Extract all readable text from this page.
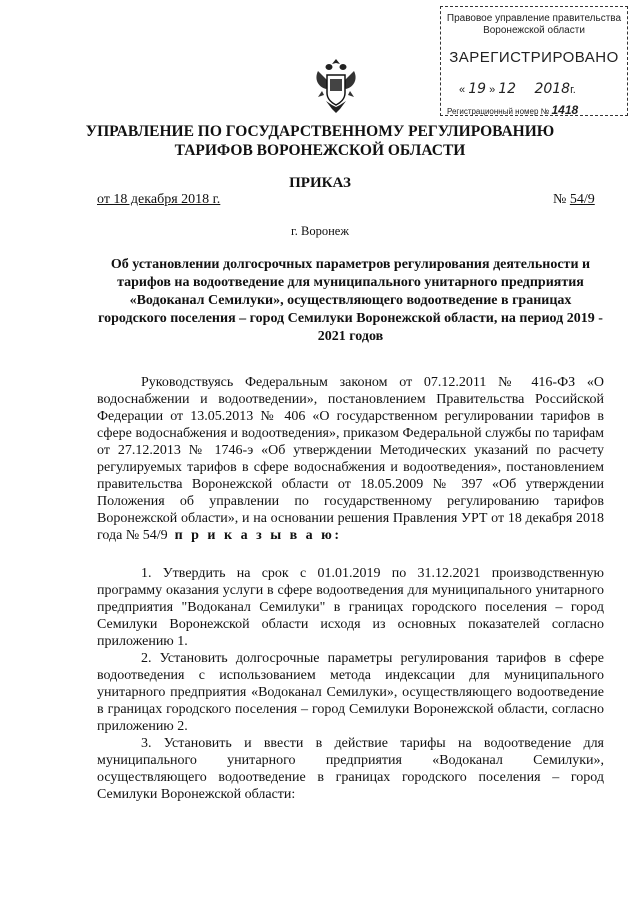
Правовое управление правительства
Воронежской области
ЗАРЕГИСТРИРОВАНО
« 19 » 12 2018г.
Регистрационный номер № 1418
УПРАВЛЕНИЕ ПО ГОСУДАРСТВЕННОМУ РЕГУЛИРОВАНИЮ
ТАРИФОВ ВОРОНЕЖСКОЙ ОБЛАСТИ
ПРИКАЗ
от 18 декабря 2018 г.	№ 54/9
г. Воронеж
Об установлении долгосрочных параметров регулирования деятельности и тарифов на водоотведение для муниципального унитарного предприятия «Водоканал Семилуки», осуществляющего водоотведение в границах городского поселения – город Семилуки Воронежской области, на период 2019 - 2021 годов

Руководствуясь Федеральным законом от 07.12.2011 № 416-ФЗ «О водоснабжении и водоотведении», постановлением Правительства Российской Федерации от 13.05.2013 № 406 «О государственном регулировании тарифов в сфере водоснабжения и водоотведения», приказом Федеральной службы по тарифам от 27.12.2013 № 1746-э «Об утверждении Методических указаний по расчету регулируемых тарифов в сфере водоснабжения и водоотведения», постановлением правительства Воронежской области от 18.05.2009 № 397 «Об утверждении Положения об управлении по государственному регулированию тарифов Воронежской области», и на основании решения Правления УРТ от 18 декабря 2018 года № 54/9 п р и к а з ы в а ю:

1. Утвердить на срок с 01.01.2019 по 31.12.2021 производственную программу оказания услуги в сфере водоотведения для муниципального унитарного предприятия "Водоканал Семилуки" в границах городского поселения – город Семилуки Воронежской области исходя из основных показателей согласно приложению 1.

2. Установить долгосрочные параметры регулирования тарифов в сфере водоотведения с использованием метода индексации для муниципального унитарного предприятия «Водоканал Семилуки», осуществляющего водоотведение в границах городского поселения – город Семилуки Воронежской области, согласно приложению 2.

3. Установить и ввести в действие тарифы на водоотведение для муниципального унитарного предприятия «Водоканал Семилуки», осуществляющего водоотведение в границах городского поселения – город Семилуки Воронежской области:
